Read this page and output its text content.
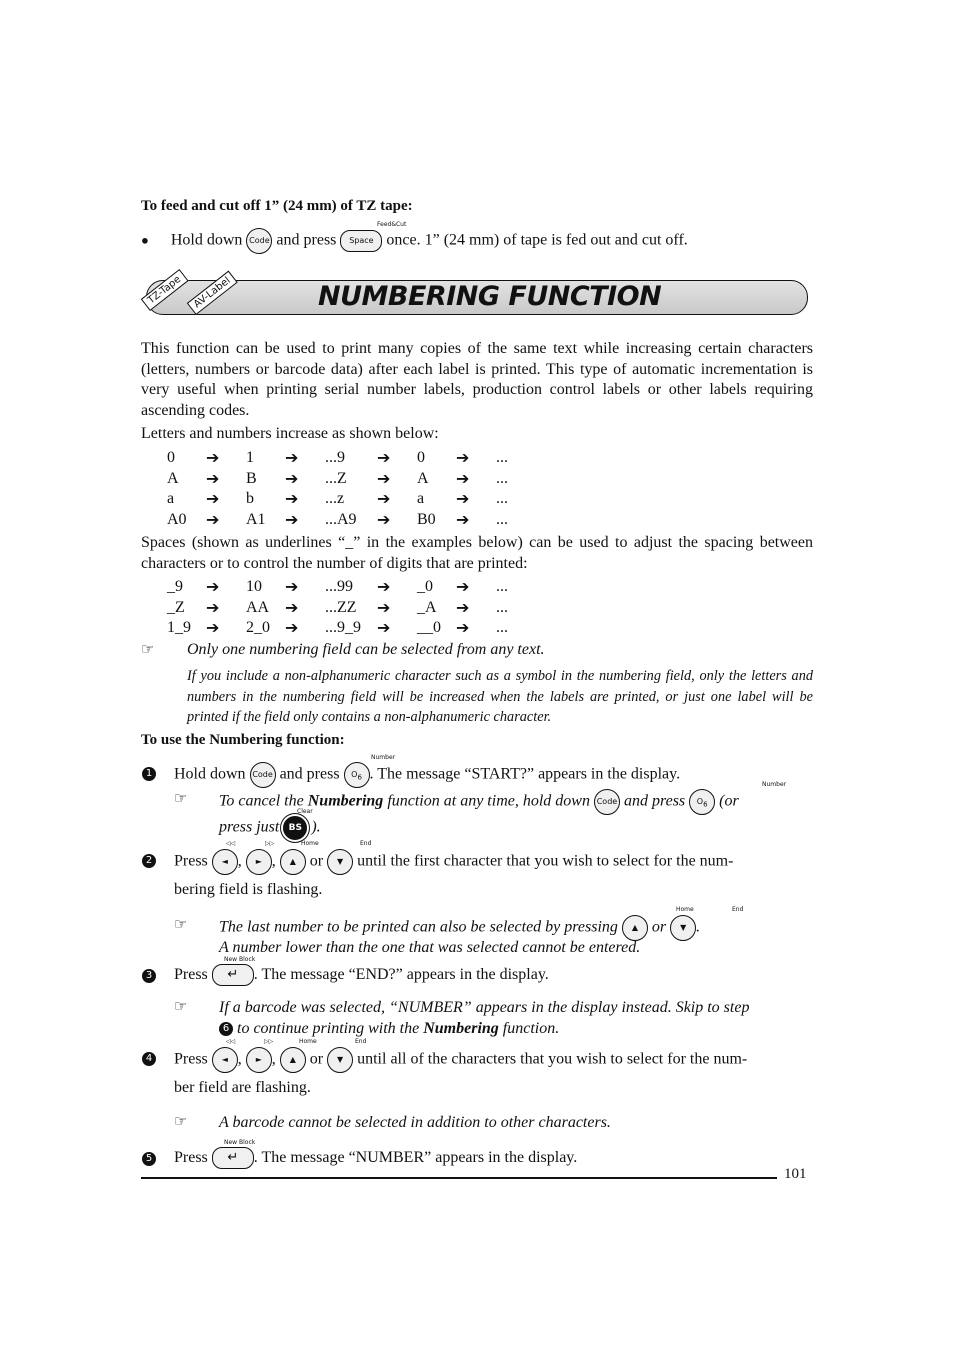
To feed and cut off 1” (24 mm) of TZ tape:
● Hold down Code and press Space once. 1” (24 mm) of tape is fed out and cut off.
Feed&Cut
TZ-Tape AV-Label	NUMBERING FUNCTION
This function can be used to print many copies of the same text while increasing certain characters (letters, numbers or barcode data) after each label is printed. This type of automatic incrementation is very useful when printing serial number labels, production control labels or other labels requiring ascending codes.
Letters and numbers increase as shown below:
0	➔	1	➔	...9	➔	0	➔	...
A	➔	B	➔	...Z	➔	A	➔	...
a	➔	b	➔	...z	➔	a	➔	...
A0	➔	A1	➔	...A9	➔	B0	➔	...
Spaces (shown as underlines “_” in the examples below) can be used to adjust the spacing between characters or to control the number of digits that are printed:
_9	➔	10	➔	...99	➔	_0	➔	...
_Z	➔	AA	➔	...ZZ	➔	_A	➔	...
1_9	➔	2_0	➔	...9_9	➔	__0	➔	...
☞ Only one numbering field can be selected from any text.
If you include a non-alphanumeric character such as a symbol in the numbering field, only the letters and numbers in the numbering field will be increased when the labels are printed, or just one label will be printed if the field only contains a non-alphanumeric character.
To use the Numbering function:
1 Hold down Code and press $O_6$ . The message “START?” appears in the display.
Number
☞ To cancel the Numbering function at any time, hold down Code and press $O_6$ (or
Number
press just BS ).
Clear
2 Press ◄ , ► , ▲ or ▼ until the first character that you wish to select for the num-
◁◁	▷▷	Home	End
bering field is flashing.
☞ The last number to be printed can also be selected by pressing ▲ or ▼ .
Home	End
A number lower than the one that was selected cannot be entered.
3 Press ↵ . The message “END?” appears in the display.
New Block
☞ If a barcode was selected, “NUMBER” appears in the display instead. Skip to step
6 to continue printing with the Numbering function.
4 Press ◄ , ► , ▲ or ▼ until all of the characters that you wish to select for the num-
◁◁	▷▷	Home	End
ber field are flashing.
☞ A barcode cannot be selected in addition to other characters.
5 Press ↵ . The message “NUMBER” appears in the display.
New Block
101
